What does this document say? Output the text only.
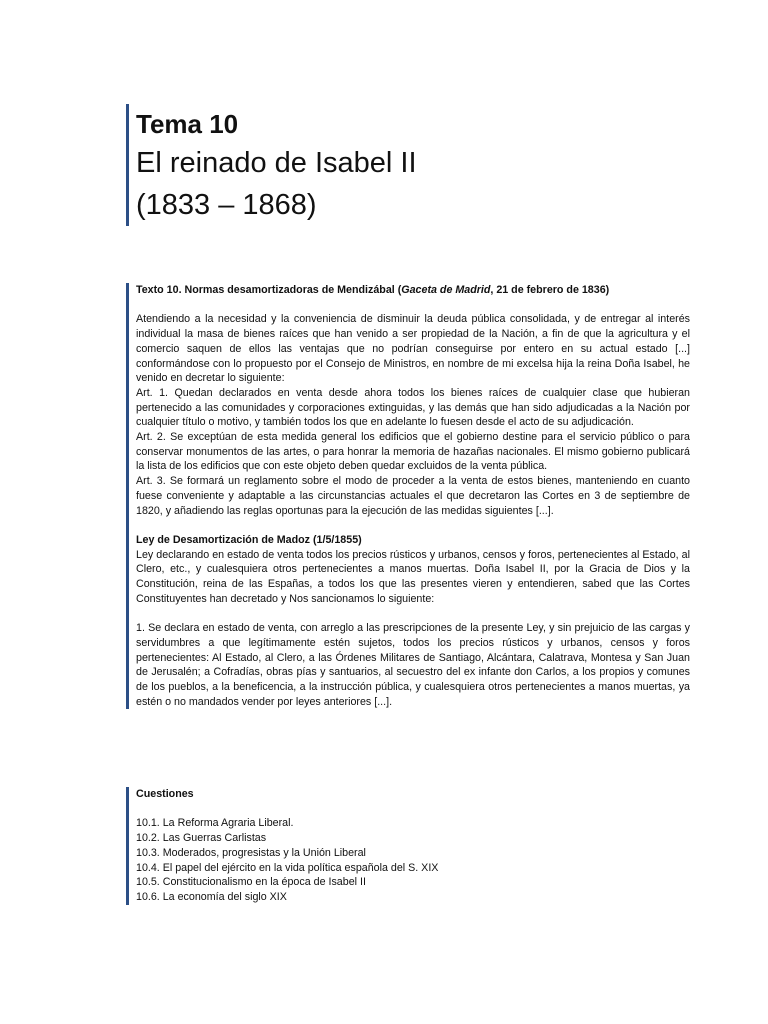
Tema 10

El reinado de Isabel II

(1833 – 1868)

Texto 10. Normas desamortizadoras de Mendizábal (Gaceta de Madrid, 21 de febrero de 1836)

Atendiendo a la necesidad y la conveniencia de disminuir la deuda pública consolidada, y de entregar al interés individual la masa de bienes raíces que han venido a ser propiedad de la Nación, a fin de que la agricultura y el comercio saquen de ellos las ventajas que no podrían conseguirse por entero en su actual estado [...] conformándose con lo propuesto por el Consejo de Ministros, en nombre de mi excelsa hija la reina Doña Isabel, he venido en decretar lo siguiente:

Art. 1. Quedan declarados en venta desde ahora todos los bienes raíces de cualquier clase que hubieran pertenecido a las comunidades y corporaciones extinguidas, y las demás que han sido adjudicadas a la Nación por cualquier título o motivo, y también todos los que en adelante lo fuesen desde el acto de su adjudicación.

Art. 2. Se exceptúan de esta medida general los edificios que el gobierno destine para el servicio público o para conservar monumentos de las artes, o para honrar la memoria de hazañas nacionales. El mismo gobierno publicará la lista de los edificios que con este objeto deben quedar excluidos de la venta pública.

Art. 3. Se formará un reglamento sobre el modo de proceder a la venta de estos bienes, manteniendo en cuanto fuese conveniente y adaptable a las circunstancias actuales el que decretaron las Cortes en 3 de septiembre de 1820, y añadiendo las reglas oportunas para la ejecución de las medidas siguientes [...].

Ley de Desamortización de Madoz (1/5/1855)

Ley declarando en estado de venta todos los precios rústicos y urbanos, censos y foros, pertenecientes al Estado, al Clero, etc., y cualesquiera otros pertenecientes a manos muertas. Doña Isabel II, por la Gracia de Dios y la Constitución, reina de las Españas, a todos los que las presentes vieren y entendieren, sabed que las Cortes Constituyentes han decretado y Nos sancionamos lo siguiente:

1. Se declara en estado de venta, con arreglo a las prescripciones de la presente Ley, y sin prejuicio de las cargas y servidumbres a que legítimamente estén sujetos, todos los precios rústicos y urbanos, censos y foros pertenecientes: Al Estado, al Clero, a las Órdenes Militares de Santiago, Alcántara, Calatrava, Montesa y San Juan de Jerusalén; a Cofradías, obras pías y santuarios, al secuestro del ex infante don Carlos, a los propios y comunes de los pueblos, a la beneficencia, a la instrucción pública, y cualesquiera otros pertenecientes a manos muertas, ya estén o no mandados vender por leyes anteriores [...].

Cuestiones

10.1. La Reforma Agraria Liberal.
10.2. Las Guerras Carlistas
10.3. Moderados, progresistas y la Unión Liberal
10.4. El papel del ejército en la vida política española del S. XIX
10.5. Constitucionalismo en la época de Isabel II
10.6. La economía del siglo XIX
